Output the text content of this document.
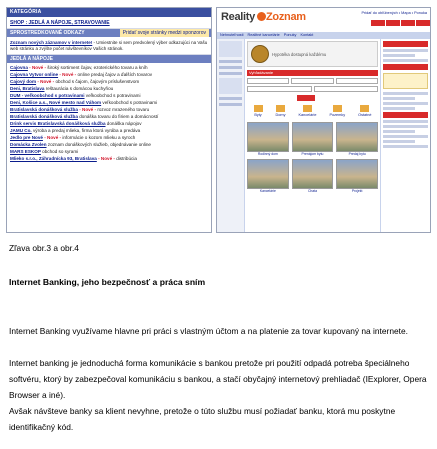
KATEGÓRIA
SHOP : JEDLÁ A NÁPOJE, STRAVOVANIE
SPROSTREDKOVANÉ ODKAZY	Pridať svoje stránky medzi sponzorov
Zoznam nových záznamov v internete! - Umiestnite si sem predvolený výber odkazujúci na Vašu web stránku a zvýšte počet návštevníkov Vašich stránok.
JEDLÁ A NÁPOJE
Cajovna - Nové - široký sortiment čajov, ezoterického tovaru a kníh
Cajovna Vytvor online - Nové - online predaj čajov a ďalších tovarov
Cajový dom - Nové - obchod s čajom, čajovým príslušenstvom
Deni, Bratislava reštaurácia s domácou kuchyňou
DUM - veľkoobchod s potravinami veľkoobchod s potravinami
Deni, Košice a.s., Nové mesto nad Váhom veľkoobchod s potravinami
Bratislavská donášková služba - Nové - rozvoz mrazeného tovaru
Bratislavská donášková služba donáška tovaru do firiem a domácností
Drink servis Bratislavská donášková služba donáška nápojov
JAMU Co. výroba a predaj mlieka, firma ktorá vyrába a predáva
Jedlo pre Nové - Nové - informácie o kozom mlieku a syroch
Domácka Zvolen zoznam donáškových služieb, objednávanie online
MARS ESKOP obchod so syrami
Mlieko s.r.o., Záhradnícka 93, Bratislava - Nové - distribúcia
Reality Zoznam	Pridať do obľúbených • Mapa • Ponuka
Nehnuteľnosti Realitné kancelárie Ponuky Kontakt
Hypotéka dostupná každému
Vyhľadávanie
Byty	Domy	Kancelárie	Pozemky	Ostatné
Rodinný dom	Prenájom bytu	Predaj bytu
Kancelárie	Chata	Projekt
Zľava obr.3 a obr.4
Internet Banking, jeho bezpečnosť a práca sním
Internet Banking využívame hlavne pri práci s vlastným účtom a na platenie za tovar kupovaný na internete.
Internet banking je jednoduchá forma komunikácie s bankou pretože pri použití odpadá potreba špeciálneho softvéru, ktorý by zabezpečoval komunikáciu s bankou, a stačí obyčajný internetový prehliadač (IExplorer, Opera Browser a iné).
Avšak návšteve banky sa klient nevyhne, pretože o túto službu musí požiadať banku, ktorá mu poskytne identifikačný kód.
